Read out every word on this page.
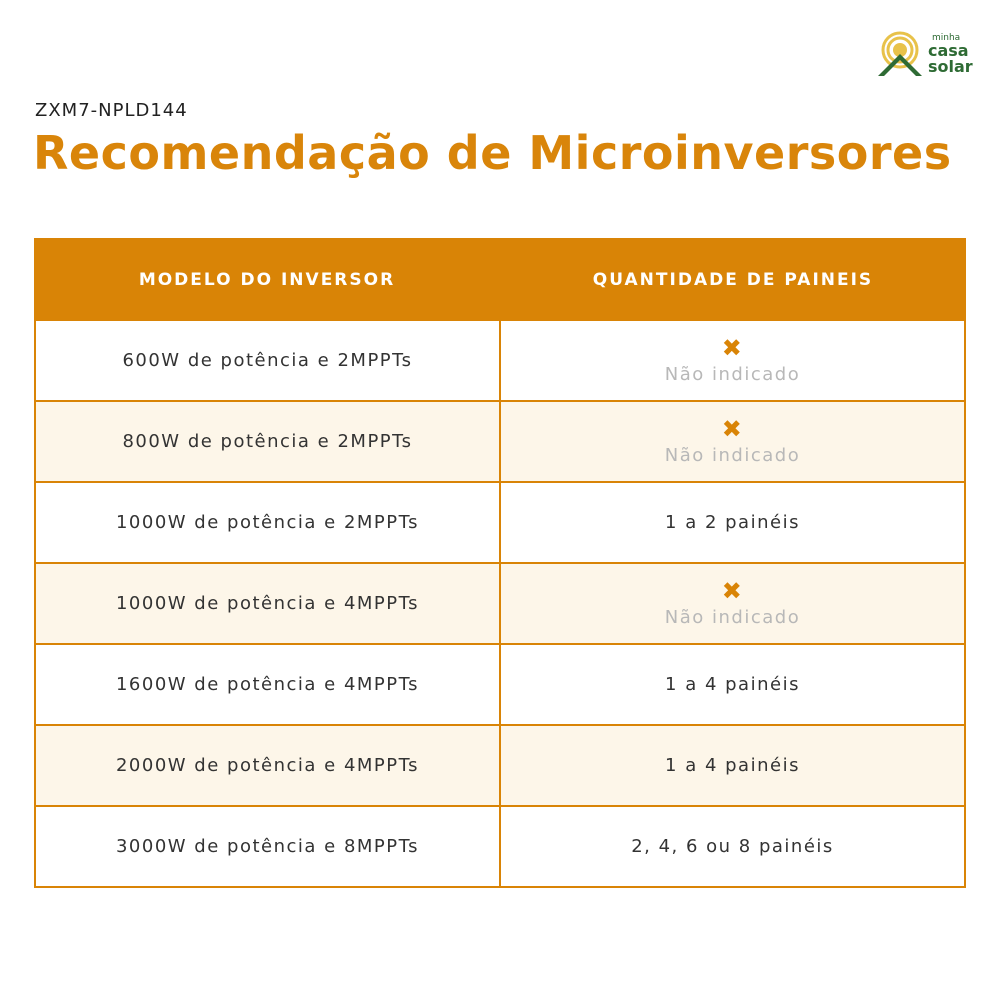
minha
casa
solar
ZXM7-NPLD144
Recomendação de Microinversores
MODELO DO INVERSOR	QUANTIDADE DE PAINEIS
600W de potência e 2MPPTs	✖
Não indicado
800W de potência e 2MPPTs	✖
Não indicado
1000W de potência e 2MPPTs	1 a 2 painéis
1000W de potência e 4MPPTs	✖
Não indicado
1600W de potência e 4MPPTs	1 a 4 painéis
2000W de potência e 4MPPTs	1 a 4 painéis
3000W de potência e 8MPPTs	2, 4, 6 ou 8 painéis
